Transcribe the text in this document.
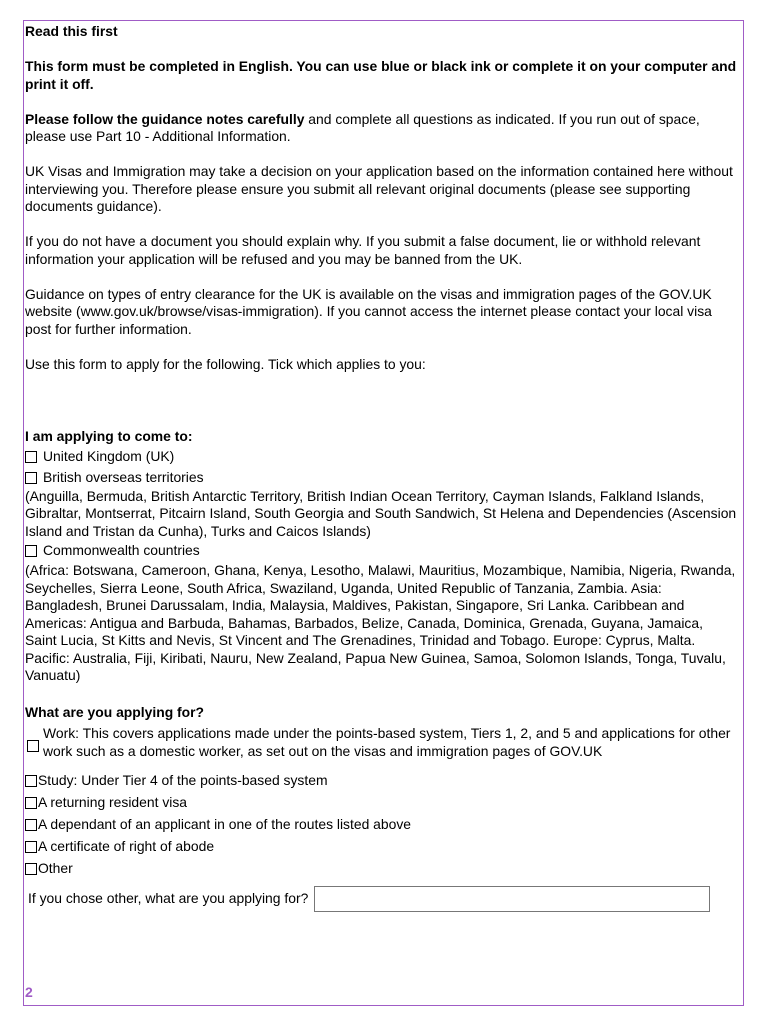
Read this first

This form must be completed in English. You can use blue or black ink or complete it on your computer and print it off.

Please follow the guidance notes carefully and complete all questions as indicated. If you run out of space, please use Part 10 - Additional Information.

UK Visas and Immigration may take a decision on your application based on the information contained here without interviewing you. Therefore please ensure you submit all relevant original documents (please see supporting documents guidance).

If you do not have a document you should explain why. If you submit a false document, lie or withhold relevant information your application will be refused and you may be banned from the UK.

Guidance on types of entry clearance for the UK is available on the visas and immigration pages of the GOV.UK website (www.gov.uk/browse/visas-immigration). If you cannot access the internet please contact your local visa post for further information.

Use this form to apply for the following. Tick which applies to you:

I am applying to come to:

United Kingdom (UK)
British overseas territories

(Anguilla, Bermuda, British Antarctic Territory, British Indian Ocean Territory, Cayman Islands, Falkland Islands, Gibraltar, Montserrat, Pitcairn Island, South Georgia and South Sandwich, St Helena and Dependencies (Ascension Island and Tristan da Cunha), Turks and Caicos Islands)

Commonwealth countries

(Africa: Botswana, Cameroon, Ghana, Kenya, Lesotho, Malawi, Mauritius, Mozambique, Namibia, Nigeria, Rwanda, Seychelles, Sierra Leone, South Africa, Swaziland, Uganda, United Republic of Tanzania, Zambia. Asia: Bangladesh, Brunei Darussalam, India, Malaysia, Maldives, Pakistan, Singapore, Sri Lanka. Caribbean and Americas: Antigua and Barbuda, Bahamas, Barbados, Belize, Canada, Dominica, Grenada, Guyana, Jamaica, Saint Lucia, St Kitts and Nevis, St Vincent and The Grenadines, Trinidad and Tobago. Europe: Cyprus, Malta. Pacific: Australia, Fiji, Kiribati, Nauru, New Zealand, Papua New Guinea, Samoa, Solomon Islands, Tonga, Tuvalu, Vanuatu)

What are you applying for?

Work: This covers applications made under the points-based system, Tiers 1, 2, and 5 and applications for other work such as a domestic worker, as set out on the visas and immigration pages of GOV.UK

Study: Under Tier 4 of the points-based system
A returning resident visa
A dependant of an applicant in one of the routes listed above
A certificate of right of abode
Other
If you chose other, what are you applying for?
2
